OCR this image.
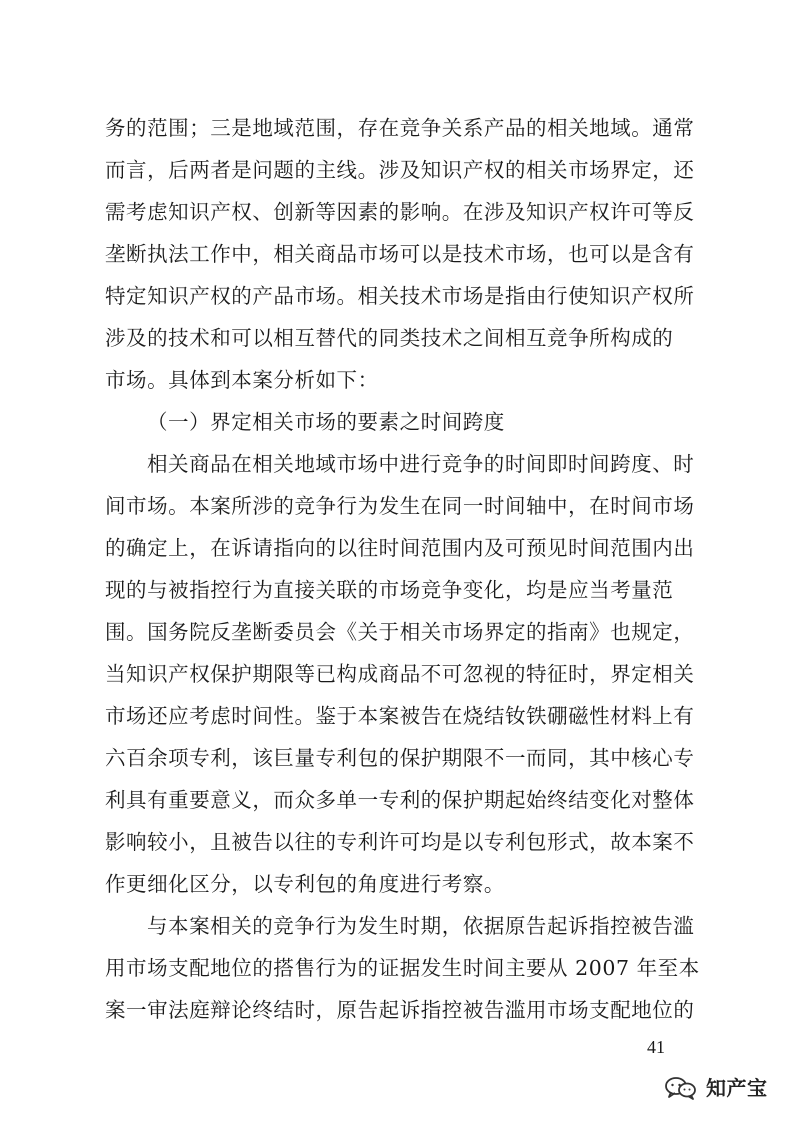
务的范围；三是地域范围，存在竞争关系产品的相关地域。通常
而言，后两者是问题的主线。涉及知识产权的相关市场界定，还
需考虑知识产权、创新等因素的影响。在涉及知识产权许可等反
垄断执法工作中，相关商品市场可以是技术市场，也可以是含有
特定知识产权的产品市场。相关技术市场是指由行使知识产权所
涉及的技术和可以相互替代的同类技术之间相互竞争所构成的
市场。具体到本案分析如下：
（一）界定相关市场的要素之时间跨度
相关商品在相关地域市场中进行竞争的时间即时间跨度、时
间市场。本案所涉的竞争行为发生在同一时间轴中，在时间市场
的确定上，在诉请指向的以往时间范围内及可预见时间范围内出
现的与被指控行为直接关联的市场竞争变化，均是应当考量范
围。国务院反垄断委员会《关于相关市场界定的指南》也规定，
当知识产权保护期限等已构成商品不可忽视的特征时，界定相关
市场还应考虑时间性。鉴于本案被告在烧结钕铁硼磁性材料上有
六百余项专利，该巨量专利包的保护期限不一而同，其中核心专
利具有重要意义，而众多单一专利的保护期起始终结变化对整体
影响较小，且被告以往的专利许可均是以专利包形式，故本案不
作更细化区分，以专利包的角度进行考察。
与本案相关的竞争行为发生时期，依据原告起诉指控被告滥
用市场支配地位的搭售行为的证据发生时间主要从 2007 年至本
案一审法庭辩论终结时，原告起诉指控被告滥用市场支配地位的
41
知产宝
